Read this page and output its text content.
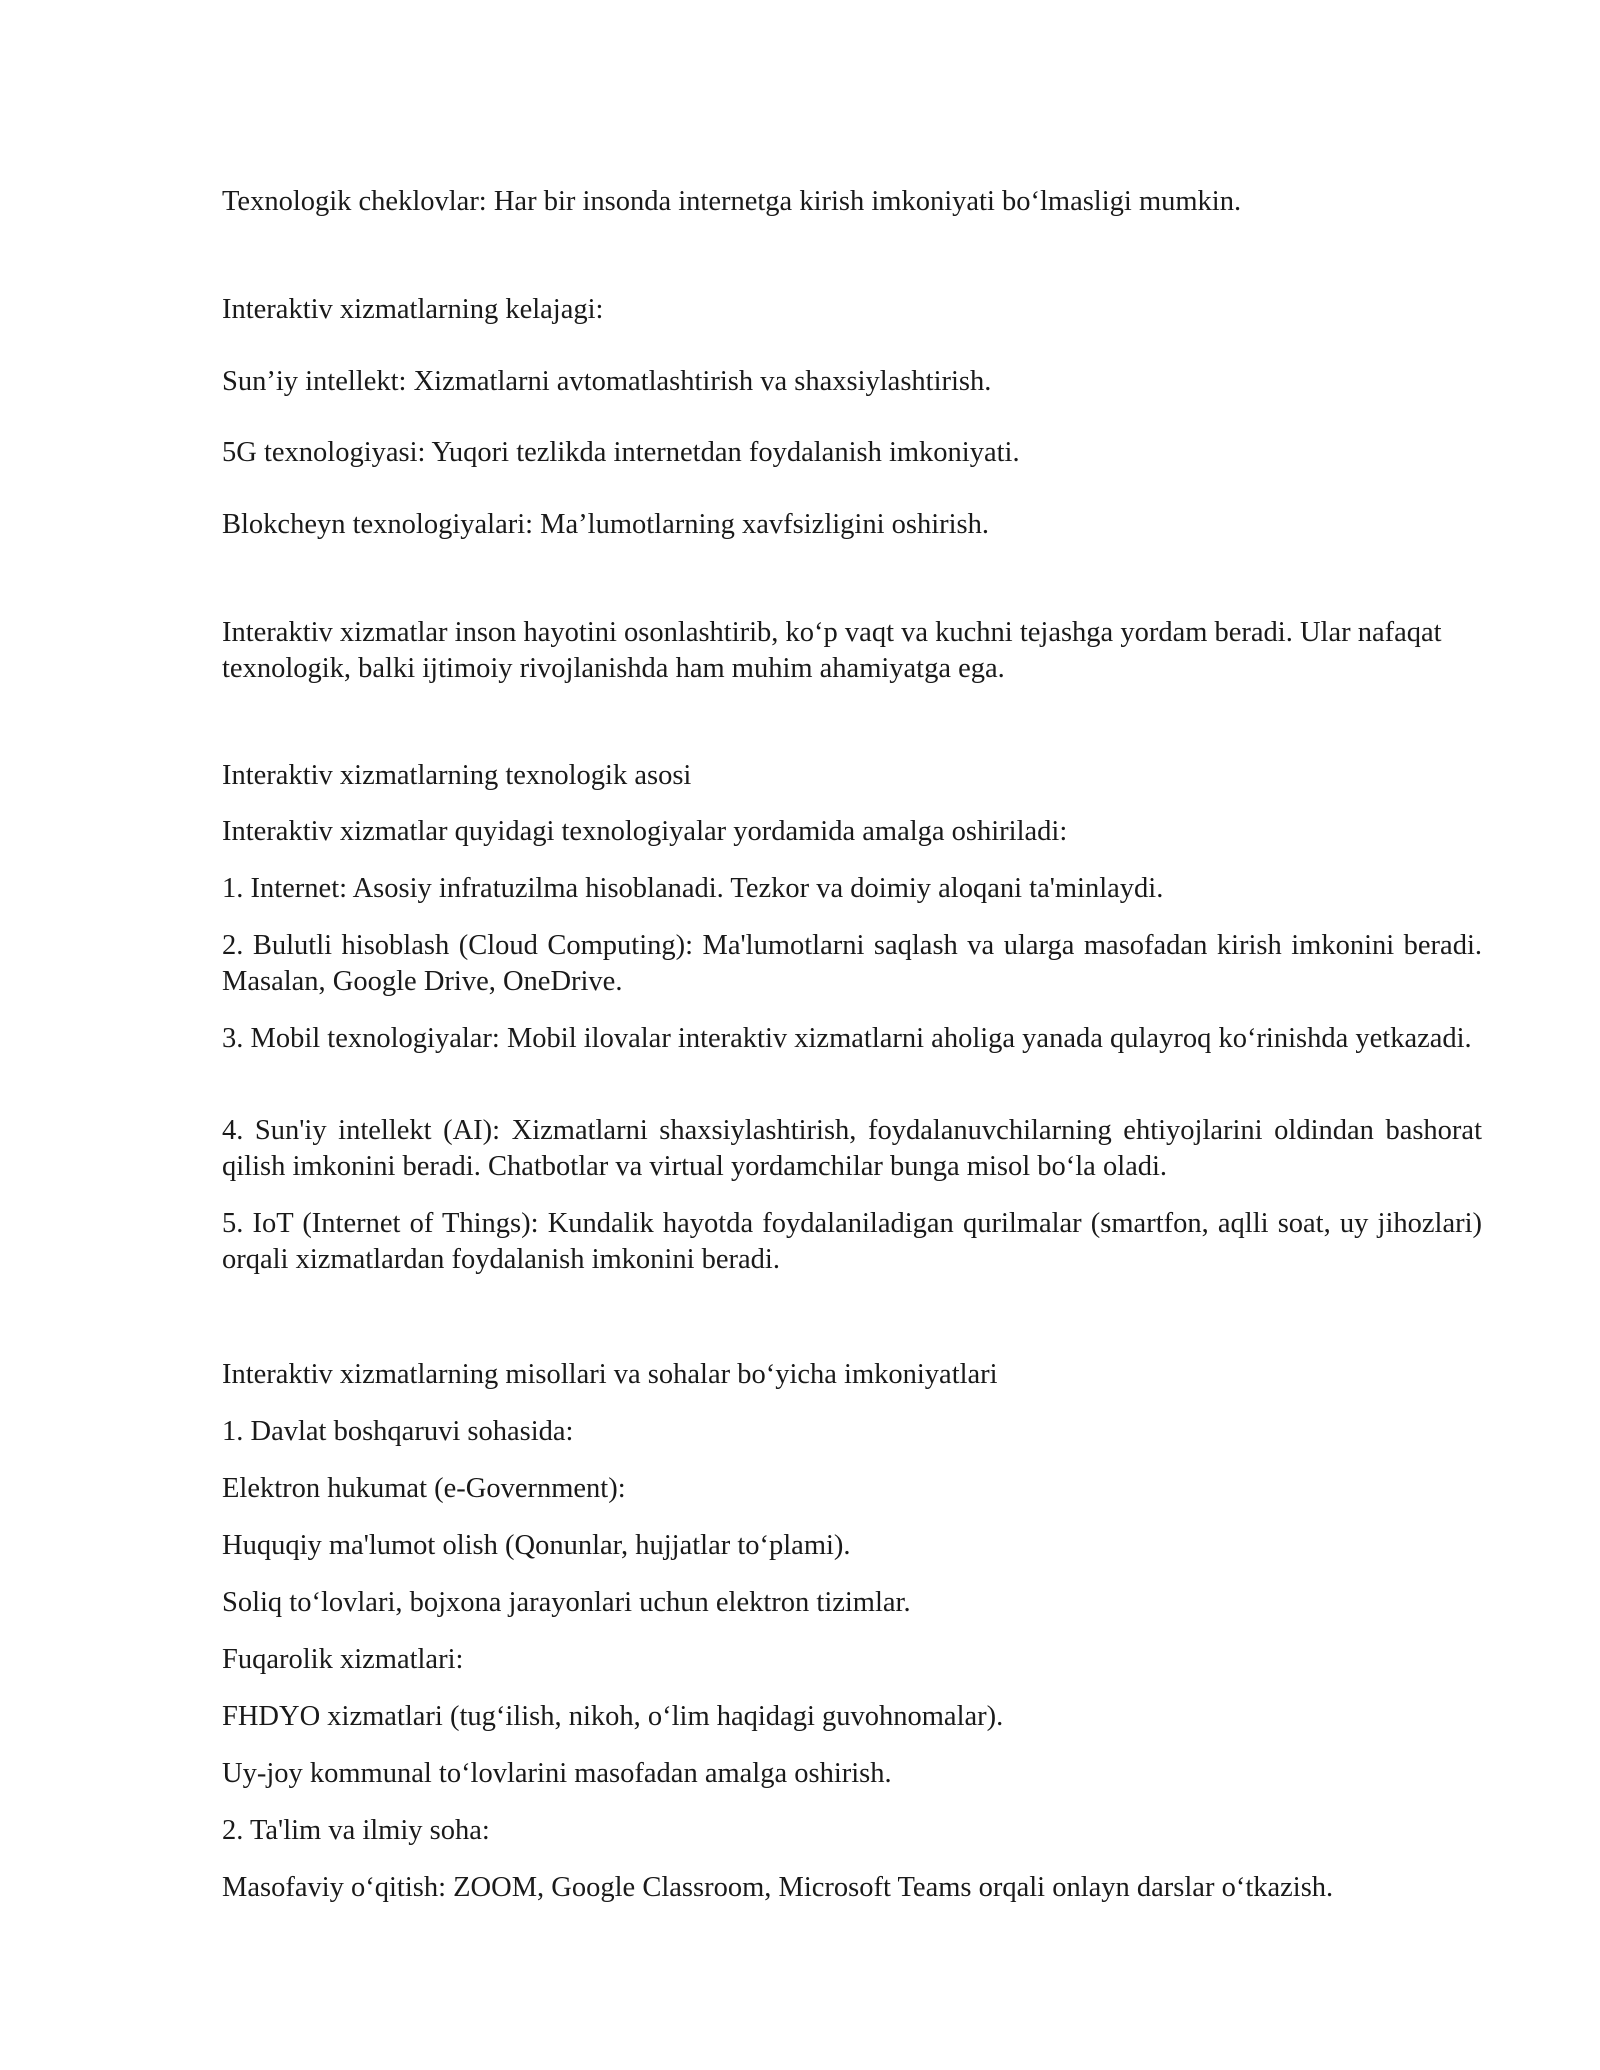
Texnologik cheklovlar: Har bir insonda internetga kirish imkoniyati bo‘lmasligi mumkin.

Interaktiv xizmatlarning kelajagi:

Sun’iy intellekt: Xizmatlarni avtomatlashtirish va shaxsiylashtirish.

5G texnologiyasi: Yuqori tezlikda internetdan foydalanish imkoniyati.

Blokcheyn texnologiyalari: Ma’lumotlarning xavfsizligini oshirish.

Interaktiv xizmatlar inson hayotini osonlashtirib, ko‘p vaqt va kuchni tejashga yordam beradi. Ular nafaqat texnologik, balki ijtimoiy rivojlanishda ham muhim ahamiyatga ega.

Interaktiv xizmatlarning texnologik asosi

Interaktiv xizmatlar quyidagi texnologiyalar yordamida amalga oshiriladi:

1. Internet: Asosiy infratuzilma hisoblanadi. Tezkor va doimiy aloqani ta'minlaydi.

2. Bulutli hisoblash (Cloud Computing): Ma'lumotlarni saqlash va ularga masofadan kirish imkonini beradi. Masalan, Google Drive, OneDrive.

3. Mobil texnologiyalar: Mobil ilovalar interaktiv xizmatlarni aholiga yanada qulayroq ko‘rinishda yetkazadi.

4. Sun'iy intellekt (AI): Xizmatlarni shaxsiylashtirish, foydalanuvchilarning ehtiyojlarini oldindan bashorat qilish imkonini beradi. Chatbotlar va virtual yordamchilar bunga misol bo‘la oladi.

5. IoT (Internet of Things): Kundalik hayotda foydalaniladigan qurilmalar (smartfon, aqlli soat, uy jihozlari) orqali xizmatlardan foydalanish imkonini beradi.

Interaktiv xizmatlarning misollari va sohalar bo‘yicha imkoniyatlari

1. Davlat boshqaruvi sohasida:

Elektron hukumat (e-Government):

Huquqiy ma'lumot olish (Qonunlar, hujjatlar to‘plami).

Soliq to‘lovlari, bojxona jarayonlari uchun elektron tizimlar.

Fuqarolik xizmatlari:

FHDYO xizmatlari (tug‘ilish, nikoh, o‘lim haqidagi guvohnomalar).

Uy-joy kommunal to‘lovlarini masofadan amalga oshirish.

2. Ta'lim va ilmiy soha:

Masofaviy o‘qitish: ZOOM, Google Classroom, Microsoft Teams orqali onlayn darslar o‘tkazish.
